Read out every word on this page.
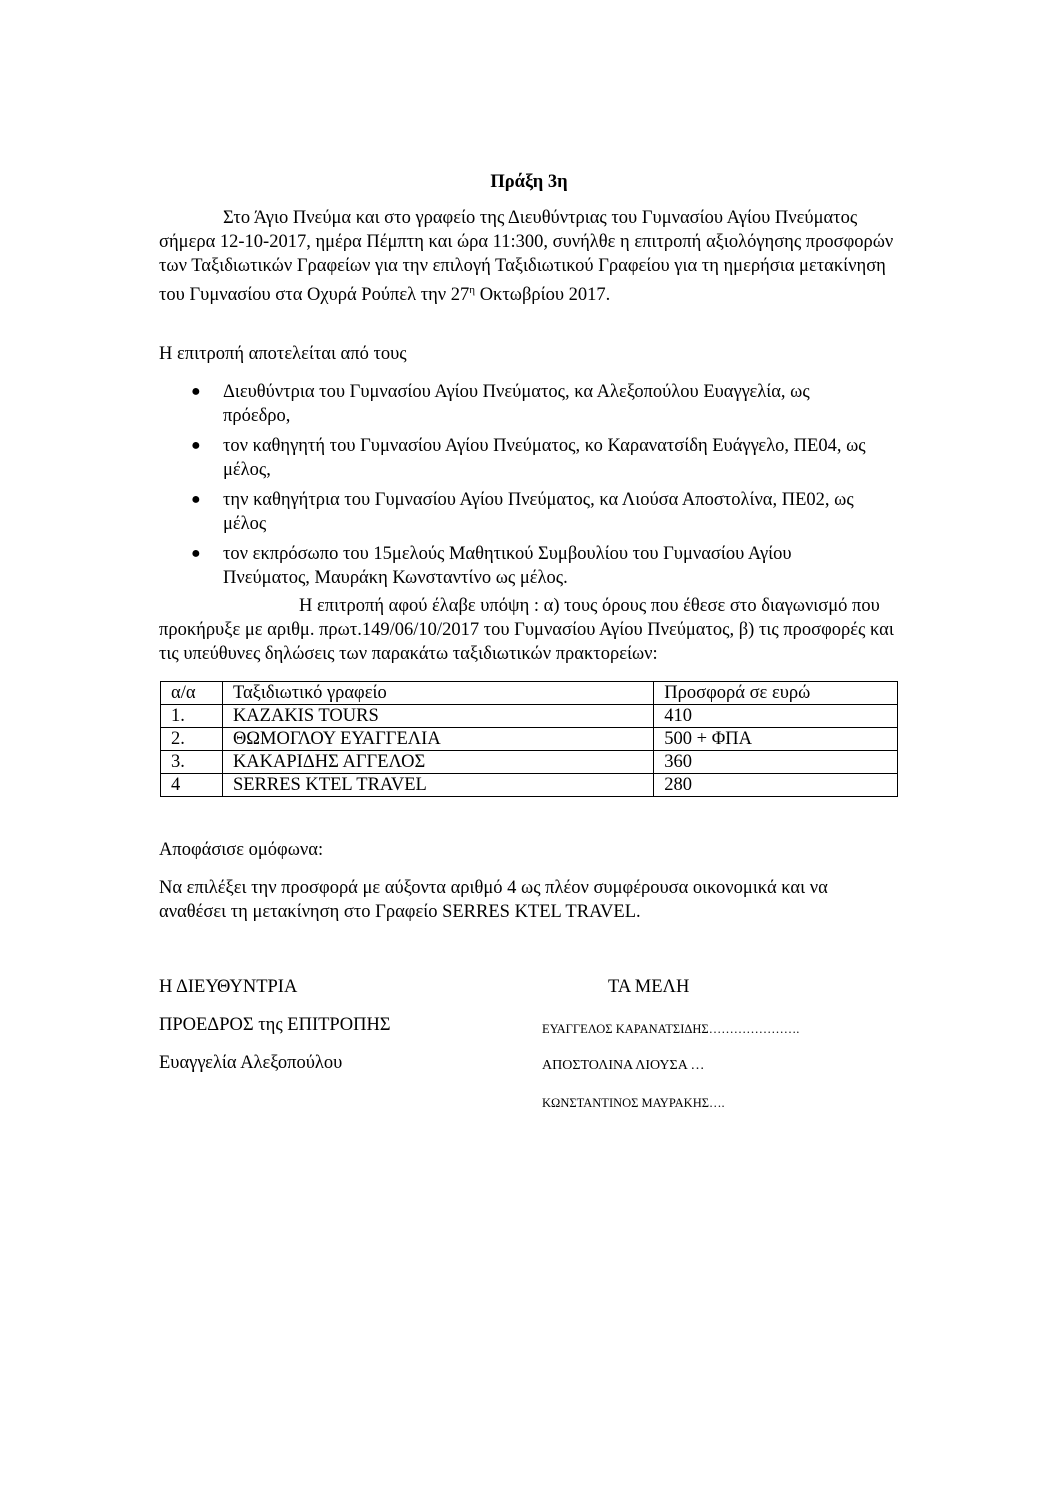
Πράξη 3η

Στο Άγιο Πνεύμα και στο γραφείο της Διευθύντριας του Γυμνασίου Αγίου Πνεύματος σήμερα 12-10-2017, ημέρα Πέμπτη και ώρα 11:300, συνήλθε η επιτροπή αξιολόγησης προσφορών των Ταξιδιωτικών Γραφείων για την επιλογή Ταξιδιωτικού Γραφείου για τη ημερήσια μετακίνηση του Γυμνασίου στα Οχυρά Ρούπελ την $27^\eta$ Οκτωβρίου 2017.

Η επιτροπή αποτελείται από τους

● Διευθύντρια του Γυμνασίου Αγίου Πνεύματος, κα Αλεξοπούλου Ευαγγελία, ως πρόεδρο,
● τον καθηγητή του Γυμνασίου Αγίου Πνεύματος, κο Καρανατσίδη Ευάγγελο, ΠΕ04, ως μέλος,
● την καθηγήτρια του Γυμνασίου Αγίου Πνεύματος, κα Λιούσα Αποστολίνα, ΠΕ02, ως μέλος
● τον εκπρόσωπο του 15μελούς Μαθητικού Συμβουλίου του Γυμνασίου Αγίου Πνεύματος, Μαυράκη Κωνσταντίνο ως μέλος.

Η επιτροπή αφού έλαβε υπόψη : α) τους όρους που έθεσε στο διαγωνισμό που προκήρυξε με αριθμ. πρωτ.149/06/10/2017 του Γυμνασίου Αγίου Πνεύματος, β) τις προσφορές και τις υπεύθυνες δηλώσεις των παρακάτω ταξιδιωτικών πρακτορείων:

α/α	Ταξιδιωτικό γραφείο	Προσφορά σε ευρώ
1.	KAZAKIS TOURS	410
2.	ΘΩΜΟΓΛΟΥ ΕΥΑΓΓΕΛΙΑ	500 + ΦΠΑ
3.	ΚΑΚΑΡΙΔΗΣ ΑΓΓΕΛΟΣ	360
4	SERRES KTEL TRAVEL	280

Αποφάσισε ομόφωνα:

Να επιλέξει την προσφορά με αύξοντα αριθμό 4 ως πλέον συμφέρουσα οικονομικά και να αναθέσει τη μετακίνηση στο Γραφείο SERRES KTEL TRAVEL.

Η ΔΙΕΥΘΥΝΤΡΙΑ
ΠΡΟΕΔΡΟΣ της ΕΠΙΤΡΟΠΗΣ
Ευαγγελία Αλεξοπούλου
ΤΑ ΜΕΛΗ
ΕΥΑΓΓΕΛΟΣ ΚΑΡΑΝΑΤΣΙΔΗΣ………………….
ΑΠΟΣΤΟΛΙΝΑ ΛΙΟΥΣΑ …
ΚΩΝΣΤΑΝΤΙΝΟΣ ΜΑΥΡΑΚΗΣ….
